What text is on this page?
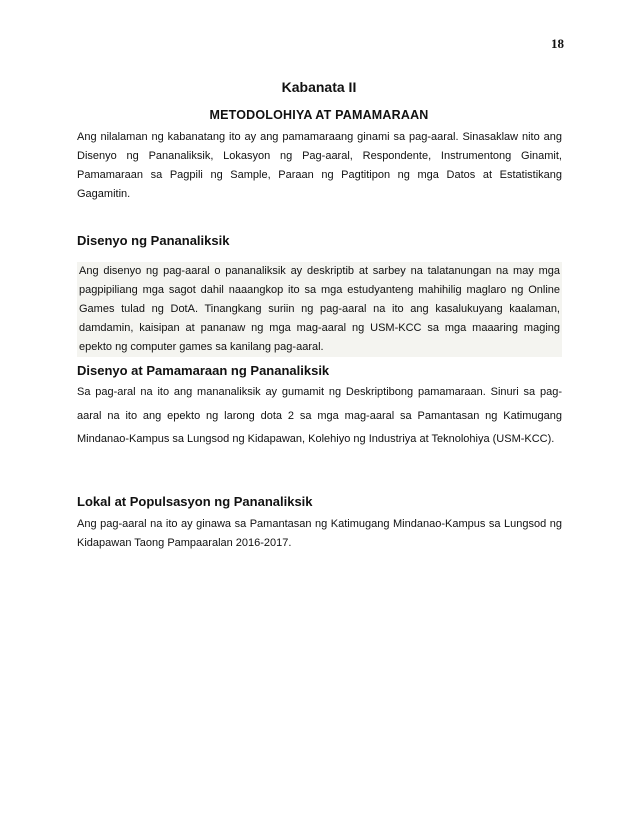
18
Kabanata II
METODOLOHIYA AT PAMAMARAAN

Ang nilalaman ng kabanatang ito ay ang pamamaraang ginami sa pag-aaral. Sinasaklaw nito ang Disenyo ng Pananaliksik, Lokasyon ng Pag-aaral, Respondente, Instrumentong Ginamit, Pamamaraan sa Pagpili ng Sample, Paraan ng Pagtitipon ng mga Datos at Estatistikang Gagamitin.

Disenyo ng Pananaliksik

Ang disenyo ng pag-aaral o pananaliksik ay deskriptib at sarbey na talatanungan na may mga pagpipiliang mga sagot dahil naaangkop ito sa mga estudyanteng mahihilig maglaro ng Online Games tulad ng DotA. Tinangkang suriin ng pag-aaral na ito ang kasalukuyang kaalaman, damdamin, kaisipan at pananaw ng mga mag-aaral ng USM-KCC sa mga maaaring maging epekto ng computer games sa kanilang pag-aaral.

Disenyo at Pamamaraan ng Pananaliksik

Sa pag-aral na ito ang mananaliksik ay gumamit ng Deskriptibong pamamaraan. Sinuri sa pag-aaral na ito ang epekto ng larong dota 2 sa mga mag-aaral sa Pamantasan ng Katimugang Mindanao-Kampus sa Lungsod ng Kidapawan, Kolehiyo ng Industriya at Teknolohiya (USM-KCC).

Lokal at Populsasyon ng Pananaliksik

Ang pag-aaral na ito ay ginawa sa Pamantasan ng Katimugang Mindanao-Kampus sa Lungsod ng Kidapawan Taong Pampaaralan 2016-2017.
